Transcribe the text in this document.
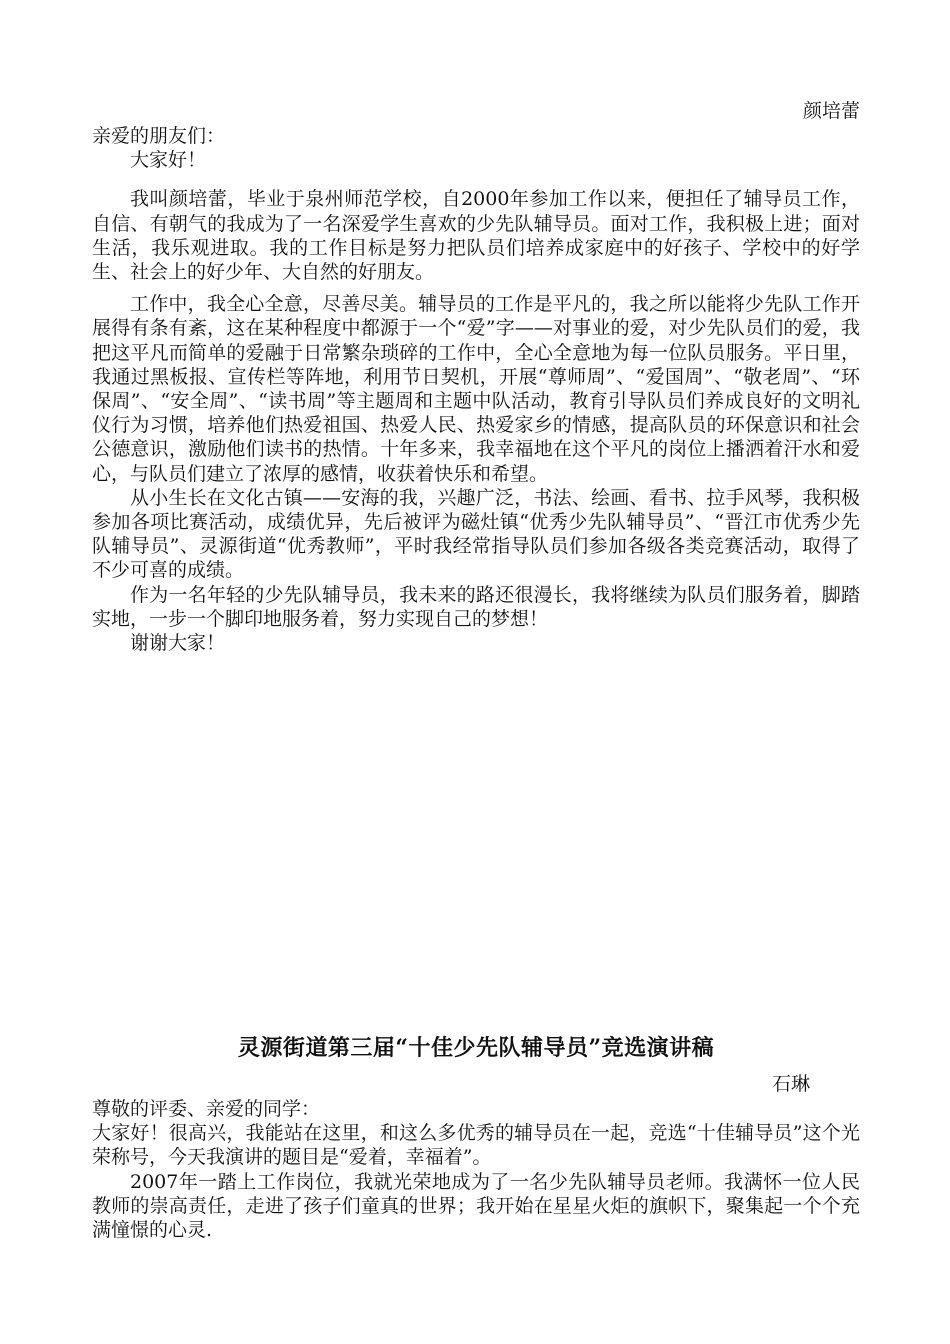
颜培蕾

亲爱的朋友们：

大家好！

我叫颜培蕾，毕业于泉州师范学校，自2000年参加工作以来，便担任了辅导员工作，自信、有朝气的我成为了一名深爱学生喜欢的少先队辅导员。面对工作，我积极上进；面对生活，我乐观进取。我的工作目标是努力把队员们培养成家庭中的好孩子、学校中的好学生、社会上的好少年、大自然的好朋友。

工作中，我全心全意，尽善尽美。辅导员的工作是平凡的，我之所以能将少先队工作开展得有条有紊，这在某种程度中都源于一个“爱”字——对事业的爱，对少先队员们的爱，我把这平凡而简单的爱融于日常繁杂琐碎的工作中，全心全意地为每一位队员服务。平日里，我通过黑板报、宣传栏等阵地，利用节日契机，开展“尊师周”、“爱国周”、“敬老周”、“环保周”、“安全周”、“读书周”等主题周和主题中队活动，教育引导队员们养成良好的文明礼仪行为习惯，培养他们热爱祖国、热爱人民、热爱家乡的情感，提高队员的环保意识和社会公德意识，激励他们读书的热情。十年多来，我幸福地在这个平凡的岗位上播洒着汗水和爱心，与队员们建立了浓厚的感情，收获着快乐和希望。

从小生长在文化古镇——安海的我，兴趣广泛，书法、绘画、看书、拉手风琴，我积极参加各项比赛活动，成绩优异，先后被评为磁灶镇“优秀少先队辅导员”、“晋江市优秀少先队辅导员”、灵源街道“优秀教师”，平时我经常指导队员们参加各级各类竞赛活动，取得了不少可喜的成绩。

作为一名年轻的少先队辅导员，我未来的路还很漫长，我将继续为队员们服务着，脚踏实地，一步一个脚印地服务着，努力实现自己的梦想！

谢谢大家！

灵源街道第三届“十佳少先队辅导员”竞选演讲稿
石琳

尊敬的评委、亲爱的同学：

大家好！很高兴，我能站在这里，和这么多优秀的辅导员在一起，竞选“十佳辅导员”这个光荣称号，今天我演讲的题目是“爱着，幸福着”。

2007年一踏上工作岗位，我就光荣地成为了一名少先队辅导员老师。我满怀一位人民教师的崇高责任，走进了孩子们童真的世界；我开始在星星火炬的旗帜下，聚集起一个个充满憧憬的心灵.
